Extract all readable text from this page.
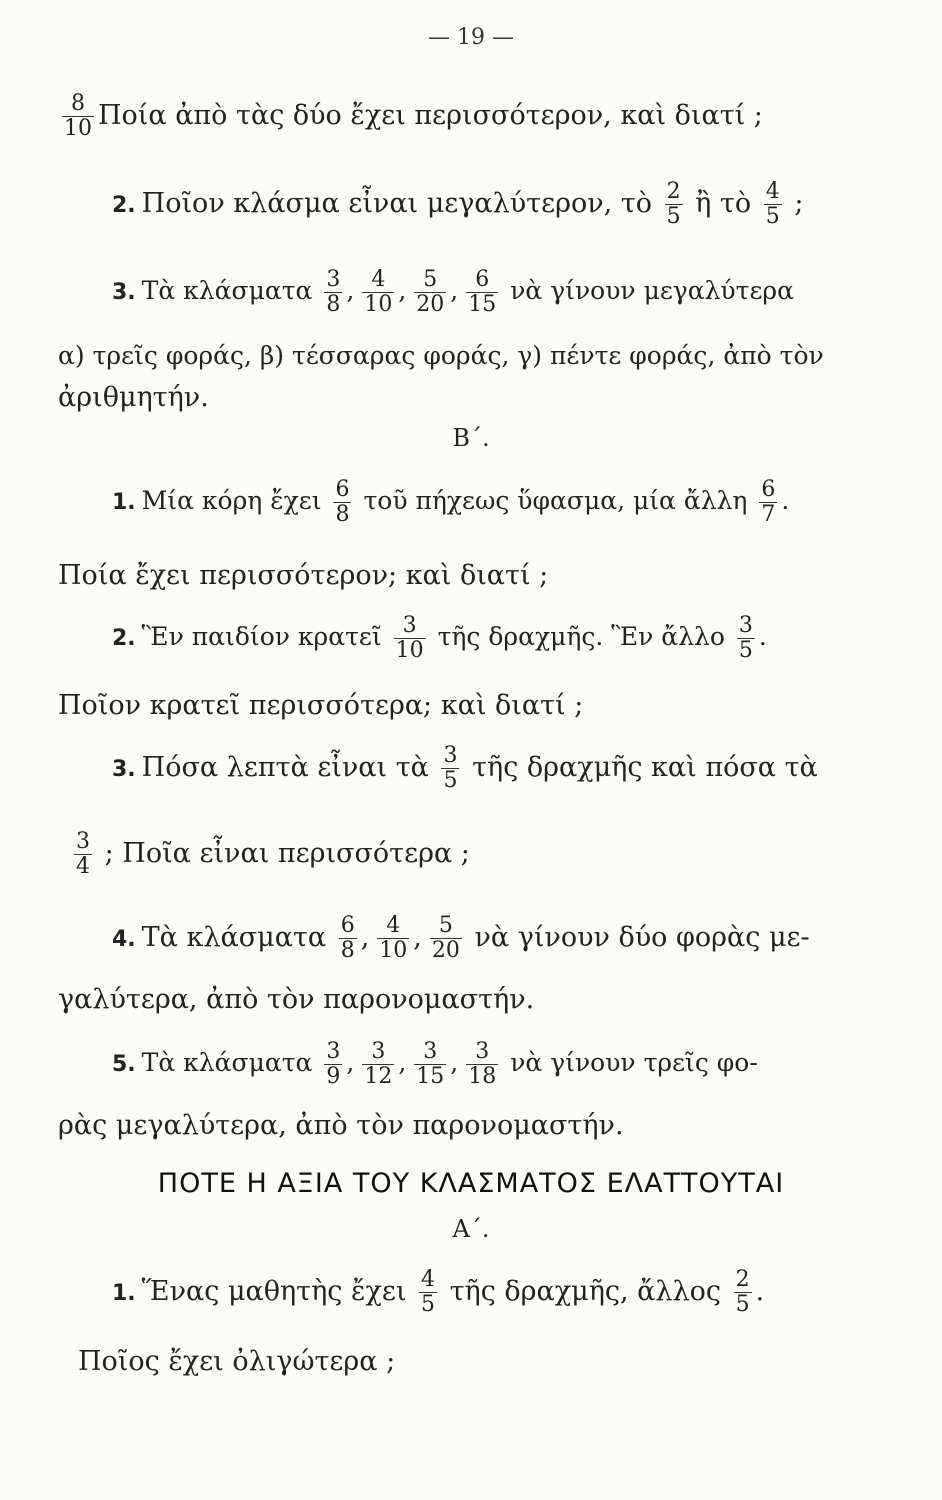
— 19 —
$\frac{8}{10}$ Ποία ἀπὸ τὰς δύο ἔχει περισσότερον, καὶ διατί ;
2. Ποῖον κλάσμα εἶναι μεγαλύτερον, τὸ $\frac{2}{5}$ ἢ τὸ $\frac{4}{5}$ ;
3. Τὰ κλάσματα $\frac{3}{8}$ , $\frac{4}{10}$ , $\frac{5}{20}$ , $\frac{6}{15}$ νὰ γίνουν μεγαλύτερα
α) τρεῖς φοράς, β) τέσσαρας φοράς, γ) πέντε φοράς, ἀπὸ τὸν
ἀριθμητήν.
Β΄.
1. Μία κόρη ἔχει $\frac{6}{8}$ τοῦ πήχεως ὕφασμα, μία ἄλλη $\frac{6}{7}$ .
Ποία ἔχει περισσότερον; καὶ διατί ;
2. Ἓν παιδίον κρατεῖ $\frac{3}{10}$ τῆς δραχμῆς. Ἓν ἄλλο $\frac{3}{5}$ .
Ποῖον κρατεῖ περισσότερα; καὶ διατί ;
3. Πόσα λεπτὰ εἶναι τὰ $\frac{3}{5}$ τῆς δραχμῆς καὶ πόσα τὰ
$\frac{3}{4}$ ; Ποῖα εἶναι περισσότερα ;
4. Τὰ κλάσματα $\frac{6}{8}$ , $\frac{4}{10}$ , $\frac{5}{20}$ νὰ γίνουν δύο φορὰς με-
γαλύτερα, ἀπὸ τὸν παρονομαστήν.
5. Τὰ κλάσματα $\frac{3}{9}$ , $\frac{3}{12}$ , $\frac{3}{15}$ , $\frac{3}{18}$ νὰ γίνουν τρεῖς φο-
ρὰς μεγαλύτερα, ἀπὸ τὸν παρονομαστήν.
ΠΟΤΕ Η ΑΞΙΑ ΤΟΥ ΚΛΑΣΜΑΤΟΣ ΕΛΑΤΤΟΥΤΑΙ
Α΄.
1. Ἕνας μαθητὴς ἔχει $\frac{4}{5}$ τῆς δραχμῆς, ἄλλος $\frac{2}{5}$ .
Ποῖος ἔχει ὀλιγώτερα ;
